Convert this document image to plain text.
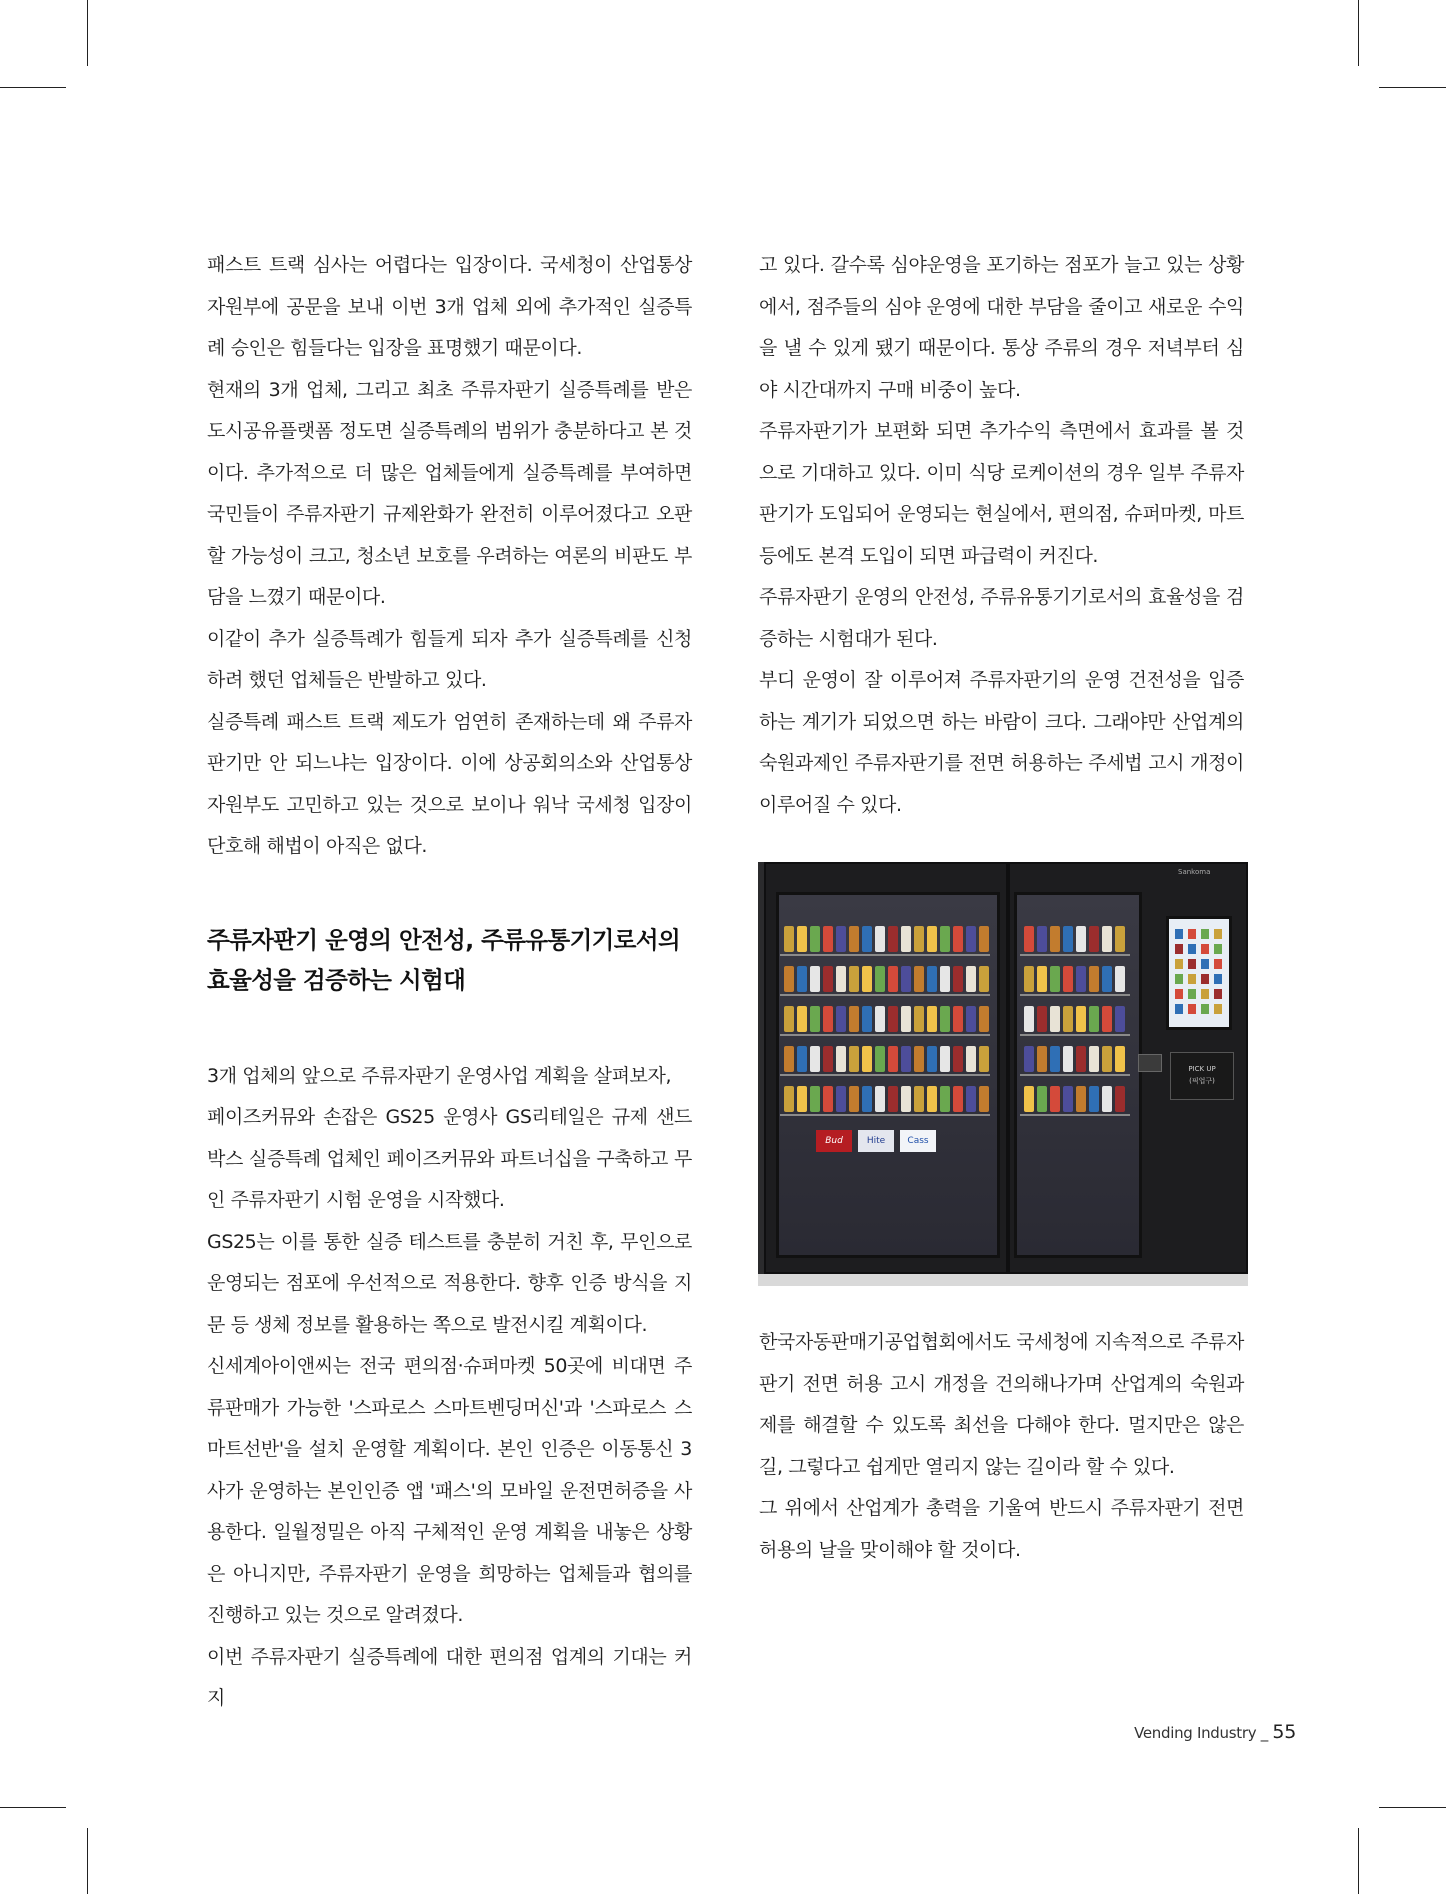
패스트 트랙 심사는 어렵다는 입장이다. 국세청이 산업통상자원부에 공문을 보내 이번 3개 업체 외에 추가적인 실증특례 승인은 힘들다는 입장을 표명했기 때문이다.

현재의 3개 업체, 그리고 최초 주류자판기 실증특례를 받은 도시공유플랫폼 정도면 실증특례의 범위가 충분하다고 본 것이다. 추가적으로 더 많은 업체들에게 실증특례를 부여하면 국민들이 주류자판기 규제완화가 완전히 이루어졌다고 오판할 가능성이 크고, 청소년 보호를 우려하는 여론의 비판도 부담을 느꼈기 때문이다.

이같이 추가 실증특례가 힘들게 되자 추가 실증특례를 신청하려 했던 업체들은 반발하고 있다.

실증특례 패스트 트랙 제도가 엄연히 존재하는데 왜 주류자판기만 안 되느냐는 입장이다. 이에 상공회의소와 산업통상자원부도 고민하고 있는 것으로 보이나 워낙 국세청 입장이 단호해 해법이 아직은 없다.

주류자판기 운영의 안전성, 주류유통기기로서의 효율성을 검증하는 시험대

3개 업체의 앞으로 주류자판기 운영사업 계획을 살펴보자,

페이즈커뮤와 손잡은 GS25 운영사 GS리테일은 규제 샌드박스 실증특례 업체인 페이즈커뮤와 파트너십을 구축하고 무인 주류자판기 시험 운영을 시작했다.

GS25는 이를 통한 실증 테스트를 충분히 거친 후, 무인으로 운영되는 점포에 우선적으로 적용한다. 향후 인증 방식을 지문 등 생체 정보를 활용하는 쪽으로 발전시킬 계획이다.

신세계아이앤씨는 전국 편의점·슈퍼마켓 50곳에 비대면 주류판매가 가능한 '스파로스 스마트벤딩머신'과 '스파로스 스마트선반'을 설치 운영할 계획이다. 본인 인증은 이동통신 3사가 운영하는 본인인증 앱 '패스'의 모바일 운전면허증을 사용한다. 일월정밀은 아직 구체적인 운영 계획을 내놓은 상황은 아니지만, 주류자판기 운영을 희망하는 업체들과 협의를 진행하고 있는 것으로 알려졌다.

이번 주류자판기 실증특례에 대한 편의점 업계의 기대는 커지

고 있다. 갈수록 심야운영을 포기하는 점포가 늘고 있는 상황에서, 점주들의 심야 운영에 대한 부담을 줄이고 새로운 수익을 낼 수 있게 됐기 때문이다. 통상 주류의 경우 저녁부터 심야 시간대까지 구매 비중이 높다.

주류자판기가 보편화 되면 추가수익 측면에서 효과를 볼 것으로 기대하고 있다. 이미 식당 로케이션의 경우 일부 주류자판기가 도입되어 운영되는 현실에서, 편의점, 슈퍼마켓, 마트 등에도 본격 도입이 되면 파급력이 커진다.

주류자판기 운영의 안전성, 주류유통기기로서의 효율성을 검증하는 시험대가 된다.

부디 운영이 잘 이루어져 주류자판기의 운영 건전성을 입증하는 계기가 되었으면 하는 바람이 크다. 그래야만 산업계의 숙원과제인 주류자판기를 전면 허용하는 주세법 고시 개정이 이루어질 수 있다.

PICK UP
(픽업구)
Sankoma
Bud	Hite	Cass

한국자동판매기공업협회에서도 국세청에 지속적으로 주류자판기 전면 허용 고시 개정을 건의해나가며 산업계의 숙원과제를 해결할 수 있도록 최선을 다해야 한다. 멀지만은 않은 길, 그렇다고 쉽게만 열리지 않는 길이라 할 수 있다.

그 위에서 산업계가 총력을 기울여 반드시 주류자판기 전면 허용의 날을 맞이해야 할 것이다.

Vending Industry _ 55
